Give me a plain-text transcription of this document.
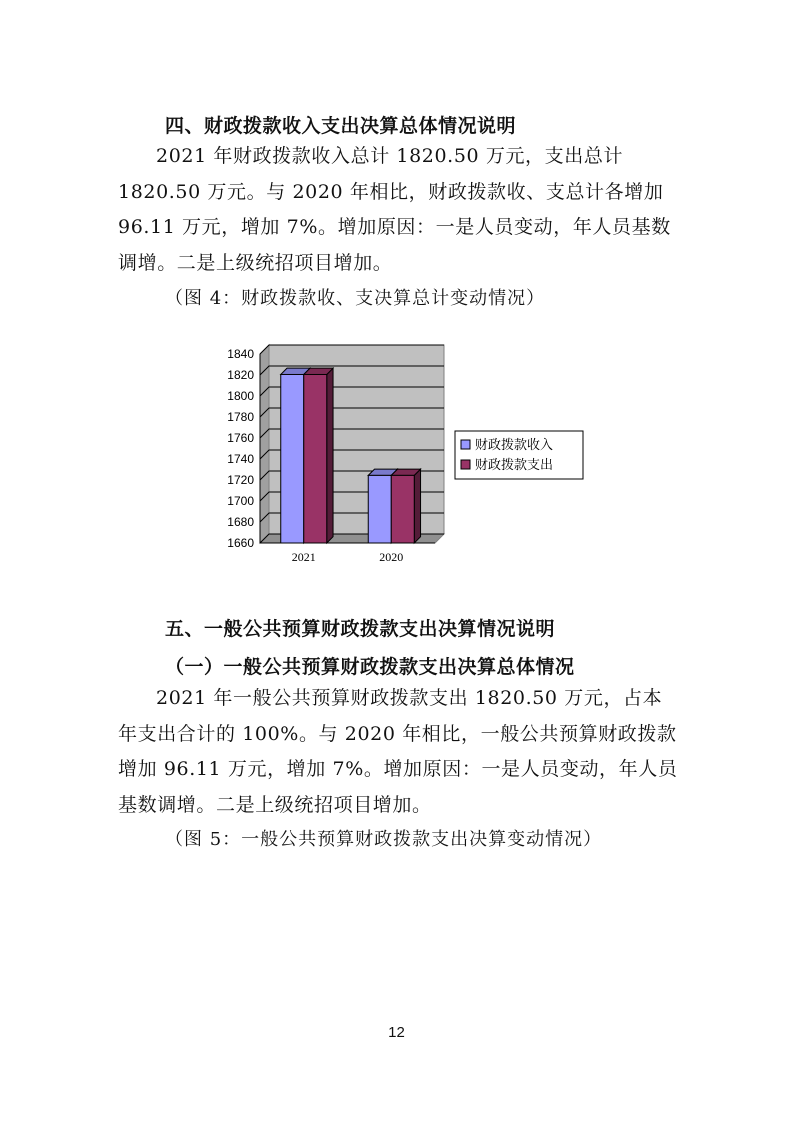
四、财政拨款收入支出决算总体情况说明

2021 年财政拨款收入总计 1820.50 万元，支出总计 1820.50 万元。与 2020 年相比，财政拨款收、支总计各增加 96.11 万元，增加 7%。增加原因：一是人员变动，年人员基数调增。二是上级统招项目增加。

（图 4：财政拨款收、支决算总计变动情况）
1840
1820
1800
1780
1760
1740
1720
1700
1680
1660
2021	2020
财政拨款收入
财政拨款支出
五、一般公共预算财政拨款支出决算情况说明
（一）一般公共预算财政拨款支出决算总体情况

2021 年一般公共预算财政拨款支出 1820.50 万元，占本年支出合计的 100%。与 2020 年相比，一般公共预算财政拨款增加 96.11 万元，增加 7%。增加原因：一是人员变动，年人员基数调增。二是上级统招项目增加。

（图 5：一般公共预算财政拨款支出决算变动情况）
12
